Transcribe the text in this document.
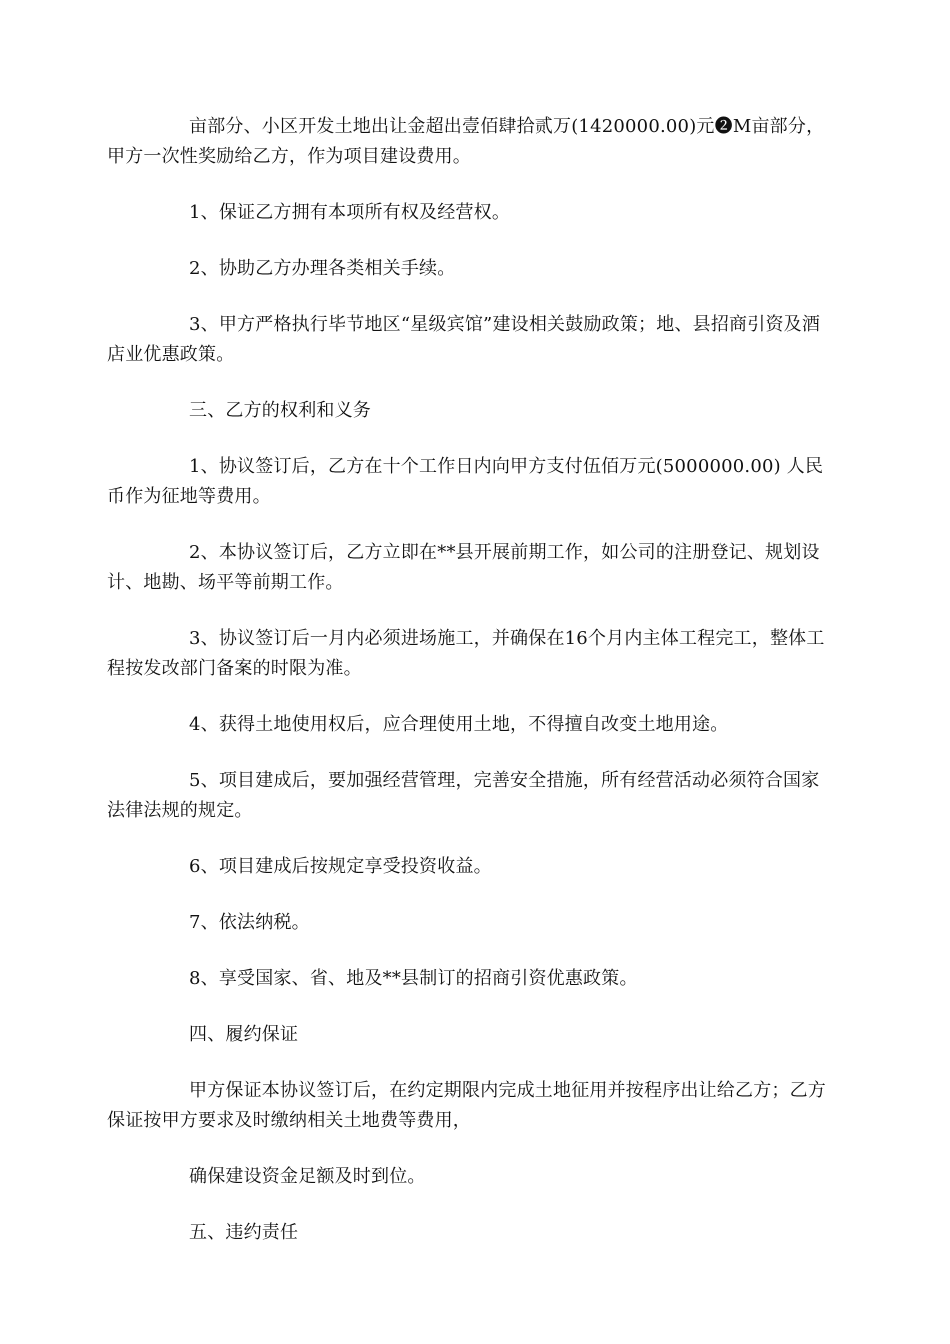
亩部分、小区开发土地出让金超出壹佰肆拾贰万(1420000.00)元❷M亩部分，甲方一次性奖励给乙方，作为项目建设费用。

1、保证乙方拥有本项所有权及经营权。

2、协助乙方办理各类相关手续。

3、甲方严格执行毕节地区“星级宾馆”建设相关鼓励政策；地、县招商引资及酒店业优惠政策。

三、乙方的权利和义务

1、协议签订后，乙方在十个工作日内向甲方支付伍佰万元(5000000.00) 人民币作为征地等费用。

2、本协议签订后，乙方立即在**县开展前期工作，如公司的注册登记、规划设计、地勘、场平等前期工作。

3、协议签订后一月内必须进场施工，并确保在16个月内主体工程完工，整体工程按发改部门备案的时限为准。

4、获得土地使用权后，应合理使用土地，不得擅自改变土地用途。

5、项目建成后，要加强经营管理，完善安全措施，所有经营活动必须符合国家法律法规的规定。

6、项目建成后按规定享受投资收益。

7、依法纳税。

8、享受国家、省、地及**县制订的招商引资优惠政策。

四、履约保证

甲方保证本协议签订后，在约定期限内完成土地征用并按程序出让给乙方；乙方保证按甲方要求及时缴纳相关土地费等费用，

确保建设资金足额及时到位。

五、违约责任
